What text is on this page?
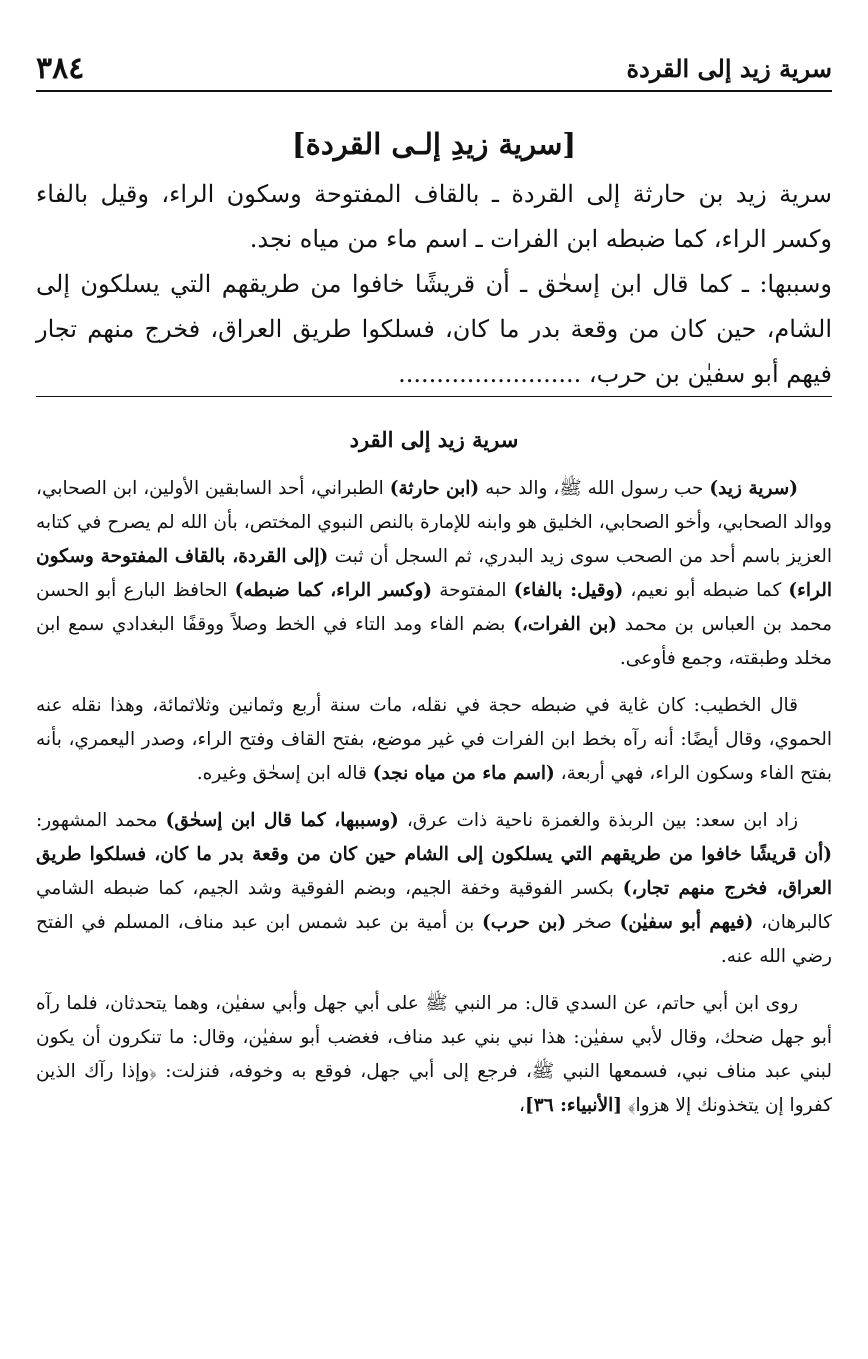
سرية زيد إلى القردة
٣٨٤
[سرية زيدِ إلـى القردة]

سرية زيد بن حارثة إلى القردة ـ بالقاف المفتوحة وسكون الراء، وقيل بالفاء وكسر الراء، كما ضبطه ابن الفرات ـ اسم ماء من مياه نجد.

وسببها: ـ كما قال ابن إسحٰق ـ أن قريشًا خافوا من طريقهم التي يسلكون إلى الشام، حين كان من وقعة بدر ما كان، فسلكوا طريق العراق، فخرج منهم تجار فيهم أبو سفيٰن بن حرب، ........................

سرية زيد إلى القرد

(سرية زيد) حب رسول الله ﷺ، والد حبه (ابن حارثة) الطبراني، أحد السابقين الأولين، ابن الصحابي، ووالد الصحابي، وأخو الصحابي، الخليق هو وابنه للإمارة بالنص النبوي المختص، بأن الله لم يصرح في كتابه العزيز باسم أحد من الصحب سوى زيد البدري، ثم السجل أن ثبت (إلى القردة، بالقاف المفتوحة وسكون الراء) كما ضبطه أبو نعيم، (وقيل: بالفاء) المفتوحة (وكسر الراء، كما ضبطه) الحافظ البارع أبو الحسن محمد بن العباس بن محمد (بن الفرات،) بضم الفاء ومد التاء في الخط وصلاً ووقفًا البغدادي سمع ابن مخلد وطبقته، وجمع فأوعى.

قال الخطيب: كان غاية في ضبطه حجة في نقله، مات سنة أربع وثمانين وثلاثمائة، وهذا نقله عنه الحموي، وقال أيضًا: أنه رآه بخط ابن الفرات في غير موضع، بفتح القاف وفتح الراء، وصدر اليعمري، بأنه بفتح الفاء وسكون الراء، فهي أربعة، (اسم ماء من مياه نجد) قاله ابن إسحٰق وغيره.

زاد ابن سعد: بين الربذة والغمزة ناحية ذات عرق، (وسببها، كما قال ابن إسحٰق) محمد المشهور: (أن قريشًا خافوا من طريقهم التي يسلكون إلى الشام حين كان من وقعة بدر ما كان، فسلكوا طريق العراق، فخرج منهم تجار،) بكسر الفوقية وخفة الجيم، وبضم الفوقية وشد الجيم، كما ضبطه الشامي كالبرهان، (فيهم أبو سفيٰن) صخر (بن حرب) بن أمية بن عبد شمس ابن عبد مناف، المسلم في الفتح رضي الله عنه.

روى ابن أبي حاتم، عن السدي قال: مر النبي ﷺ على أبي جهل وأبي سفيٰن، وهما يتحدثان، فلما رآه أبو جهل ضحك، وقال لأبي سفيٰن: هذا نبي بني عبد مناف، فغضب أبو سفيٰن، وقال: ما تنكرون أن يكون لبني عبد مناف نبي، فسمعها النبي ﷺ، فرجع إلى أبي جهل، فوقع به وخوفه، فنزلت: ﴿وإذا رآك الذين كفروا إن يتخذونك إلا هزوا﴾ [الأنبياء: ٣٦]،
